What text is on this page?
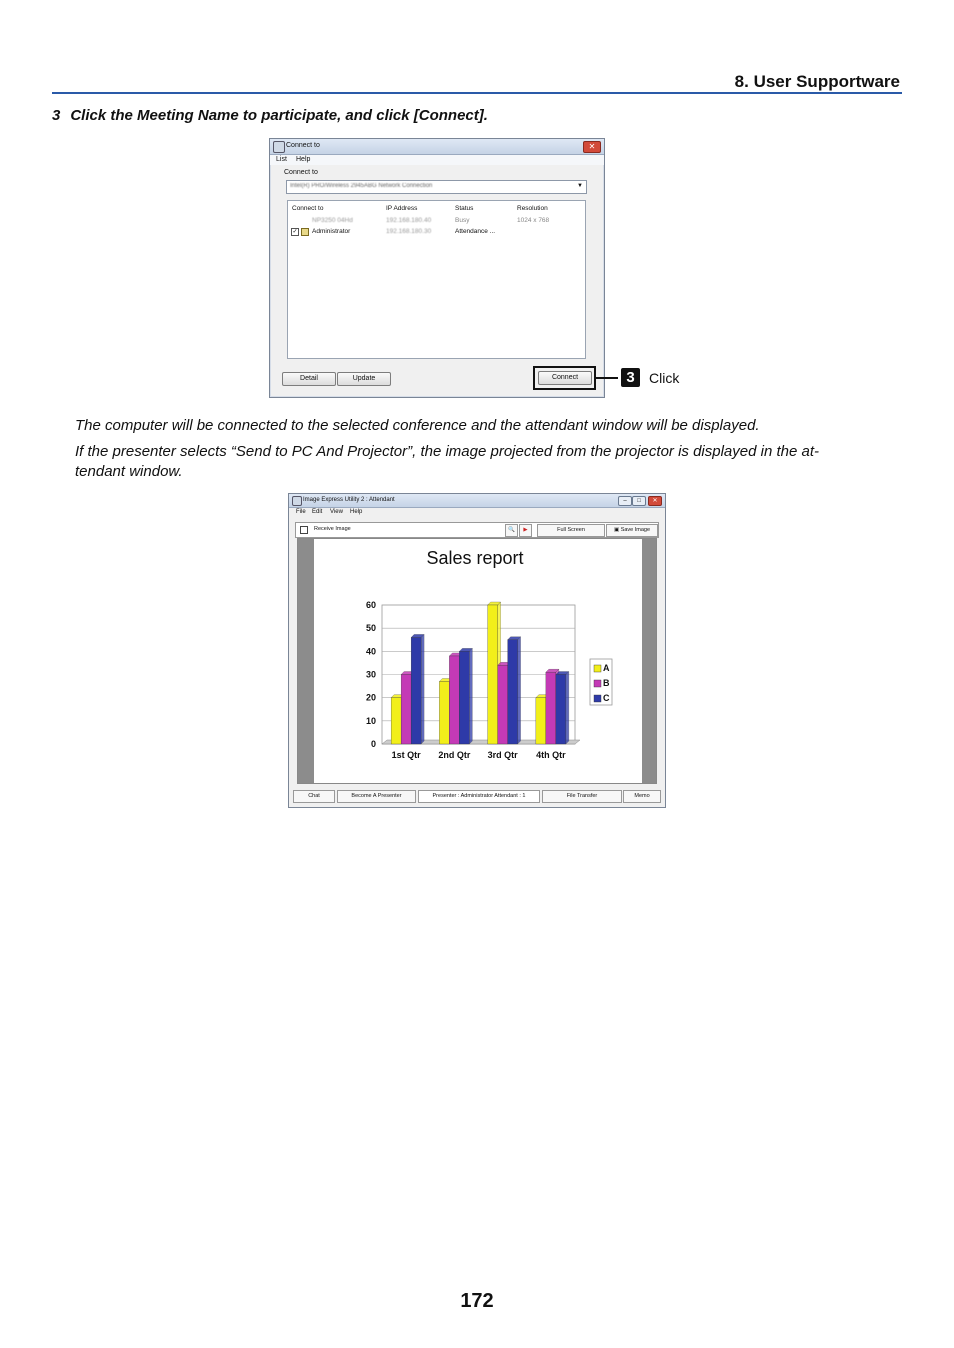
8. User Supportware
3 Click the Meeting Name to participate, and click [Connect].
Connect to	✕
List Help
Connect to
Intel(R) PRO/Wireless 2945ABG Network Connection	▼
Connect to	IP Address	Status	Resolution
NP3250 04Hd	192.168.180.40	Busy	1024 x 768
✓ Administrator	192.168.180.30	Attendance ...
Detail	Update	Connect	3	Click
The computer will be connected to the selected conference and the attendant window will be displayed.
If the presenter selects “Send to PC And Projector”, the image projected from the projector is displayed in the at-
tendant window.
Image Express Utility 2 : Attendant	–	□	✕
File Edit View Help
Receive Image	🔍	▶	Full Screen	▣ Save Image
Sales report
0
10
20
30
40
50
60
1st Qtr 2nd Qtr 3rd Qtr 4th Qtr
A
B
C
Chat	Become A Presenter	Presenter : Administrator Attendant : 1	File Transfer	Memo
172
